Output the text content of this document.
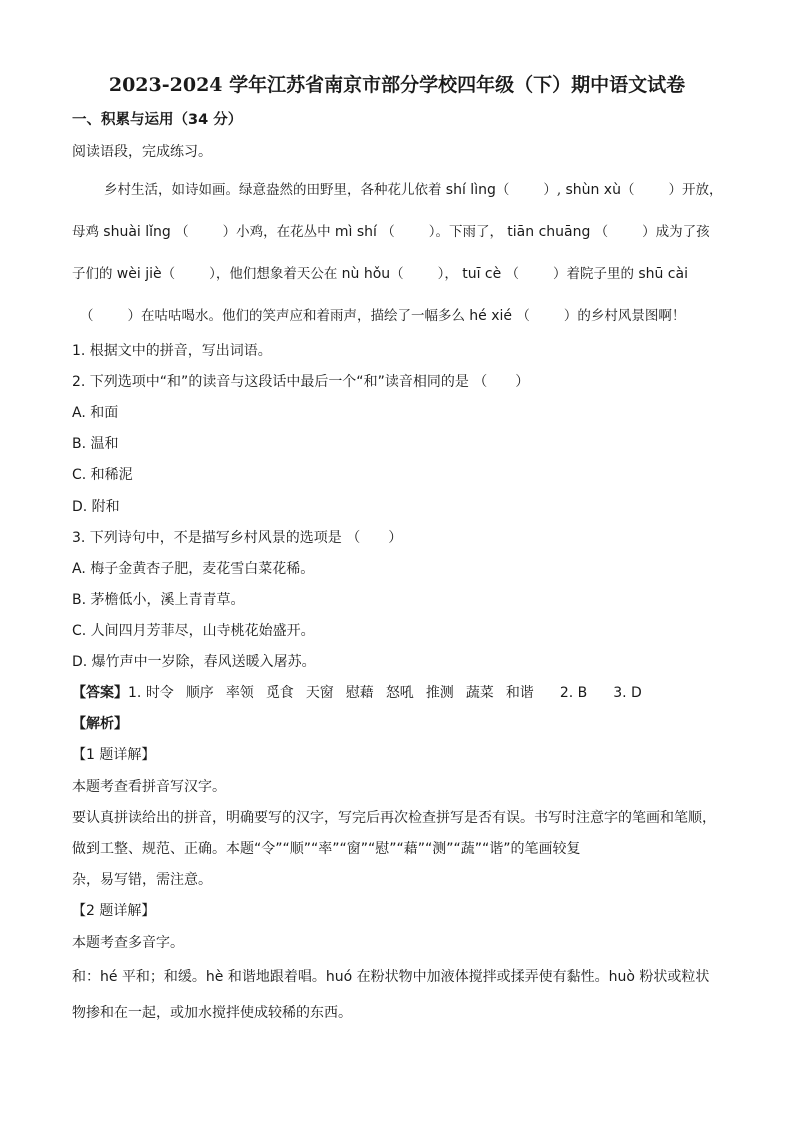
2023-2024 学年江苏省南京市部分学校四年级（下）期中语文试卷
一、积累与运用（34 分）
阅读语段，完成练习。
乡村生活，如诗如画。绿意盎然的田野里，各种花儿依着 shí lìng（	）, shùn xù（	）开放，
母鸡 shuài lǐng （	）小鸡，在花丛中 mì shí （	）。下雨了， tiān chuāng （	）成为了孩
子们的 wèi jiè（	），他们想象着天公在 nù hǒu（	）， tuī cè （	）着院子里的 shū cài
（	）在咕咕喝水。他们的笑声应和着雨声，描绘了一幅多么 hé xié （	）的乡村风景图啊！
1. 根据文中的拼音，写出词语。
2. 下列选项中“和”的读音与这段话中最后一个“和”读音相同的是 （　　）
A. 和面
B. 温和
C. 和稀泥
D. 附和
3. 下列诗句中，不是描写乡村风景的选项是 （　　）
A. 梅子金黄杏子肥，麦花雪白菜花稀。
B. 茅檐低小，溪上青青草。
C. 人间四月芳菲尽，山寺桃花始盛开。
D. 爆竹声中一岁除，春风送暖入屠苏。
【答案】1. 时令 顺序 率领 觅食 天窗 慰藉 怒吼 推测 蔬菜 和谐 2. B 3. D
【解析】
【1 题详解】
本题考查看拼音写汉字。
要认真拼读给出的拼音，明确要写的汉字，写完后再次检查拼写是否有误。书写时注意字的笔画和笔顺，
做到工整、规范、正确。本题“令”“顺”“率”“窗”“慰”“藉”“测”“蔬”“谐”的笔画较复
杂，易写错，需注意。
【2 题详解】
本题考查多音字。
和：hé 平和；和缓。hè 和谐地跟着唱。huó 在粉状物中加液体搅拌或揉弄使有黏性。huò 粉状或粒状
物掺和在一起，或加水搅拌使成较稀的东西。
